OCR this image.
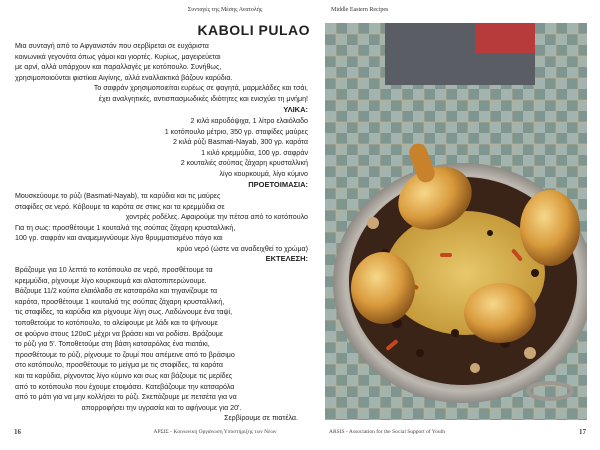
Συνταγές της Μέσης Ανατολής
KABOLI PULAO
Μια συνταγή από το Αφγανιστάν που σερβίρεται σε ευχάριστα
κοινωνικά γεγονότα όπως γάμοι και γιορτές. Κυρίως, μαγειρεύεται
με αρνί, αλλά υπάρχουν και παραλλαγές με κοτόπουλο. Συνήθως,
χρησιμοποιούνται φιστίκια Αιγίνης, αλλά εναλλακτικά βάζουν καρύδια.
Το σαφράν χρησιμοποιείται ευρέως σε φαγητά, μαρμελάδες και τσάι,
έχει αναλγητικές, αντισπασμωδικές ιδιότητες και ενισχύει τη μνήμη!
ΥΛΙΚΑ:
2 κιλά καρυδόψιχα, 1 λίτρο ελαιόλαδο
1 κοτόπουλο μέτριο, 350 γρ. σταφίδες μαύρες
2 κιλά ρύζι Basmati-Nayab, 300 γρ. καρότα
1 κιλό κρεμμύδια, 100 γρ. σαφράν
2 κουταλιές σούπας ζάχαρη κρυσταλλική
λίγο κουρκουμά, λίγο κύμινο
ΠΡΟΕΤΟΙΜΑΣΙΑ:
Μουσκεύουμε το ρύζι (Basmati-Nayab), τα καρύδια και τις μαύρες
σταφίδες σε νερό. Κόβουμε τα καρότα σε στικς και τα κρεμμύδια σε
χοντρές ροδέλες. Αφαιρούμε την πέτσα από το κοτόπουλο
Για τη σως: προσθέτουμε 1 κουταλιά της σούπας ζάχαρη κρυσταλλική,
100 γρ. σαφράν και αναμεμιγνύουμε λίγο θρυμματισμένο πάγο και
κρύο νερό (ώστε να αναδειχθεί το χρώμα)
ΕΚΤΕΛΕΣΗ:
Βράζουμε για 10 λεπτά το κοτόπουλο σε νερό, προσθέτουμε τα
κρεμμύδια, ρίχνουμε λίγο κουρκουμά και αλατοπιπερώνουμε.
Βάζουμε 11/2 κούπα ελαιόλαδο σε κατσαρόλα και τηγανίζουμε τα
καρότα, προσθέτουμε 1 κουταλιά της σούπας ζάχαρη κρυσταλλική,
τις σταφίδες, τα καρύδια και ρίχνουμε λίγη σως. Λαδώνουμε ένα ταψί,
τοποθετούμε το κοτόπουλο, το αλείφουμε με λάδι και το ψήνουμε
σε φούρνο στους 120oC μέχρι να βράσει και να ροδίσει. Βράζουμε
το ρύζι για 5'. Τοποθετούμε στη βάση κατσαρόλας ένα πιατάκι,
προσθέτουμε το ρύζι, ρίχνουμε το ζουμί που απέμεινε από το βράσιμο
στο κοτόπουλο, προσθέτουμε το μείγμα με τις σταφίδες, τα καρότα
και τα καρύδια, ρίχνοντας λίγο κύμινο και σως και βάζουμε τις μερίδες
από το κοτόπουλο που έχουμε ετοιμάσει. Κατεβάζουμε την κατσαρόλα
από το μάτι για να μην κολλήσει το ρύζι. Σκεπάζουμε με πετσέτα για να
απορροφήσει την υγρασία και το αφήνουμε για 20'.
Σερβίρουμε σε πιατέλα.
16	ΑΡΣΙΣ - Κοινωνική Οργάνωση Υποστήριξης των Νέων
Middle Eastern Recipes
ARSIS - Association for the Social Support of Youth	17
